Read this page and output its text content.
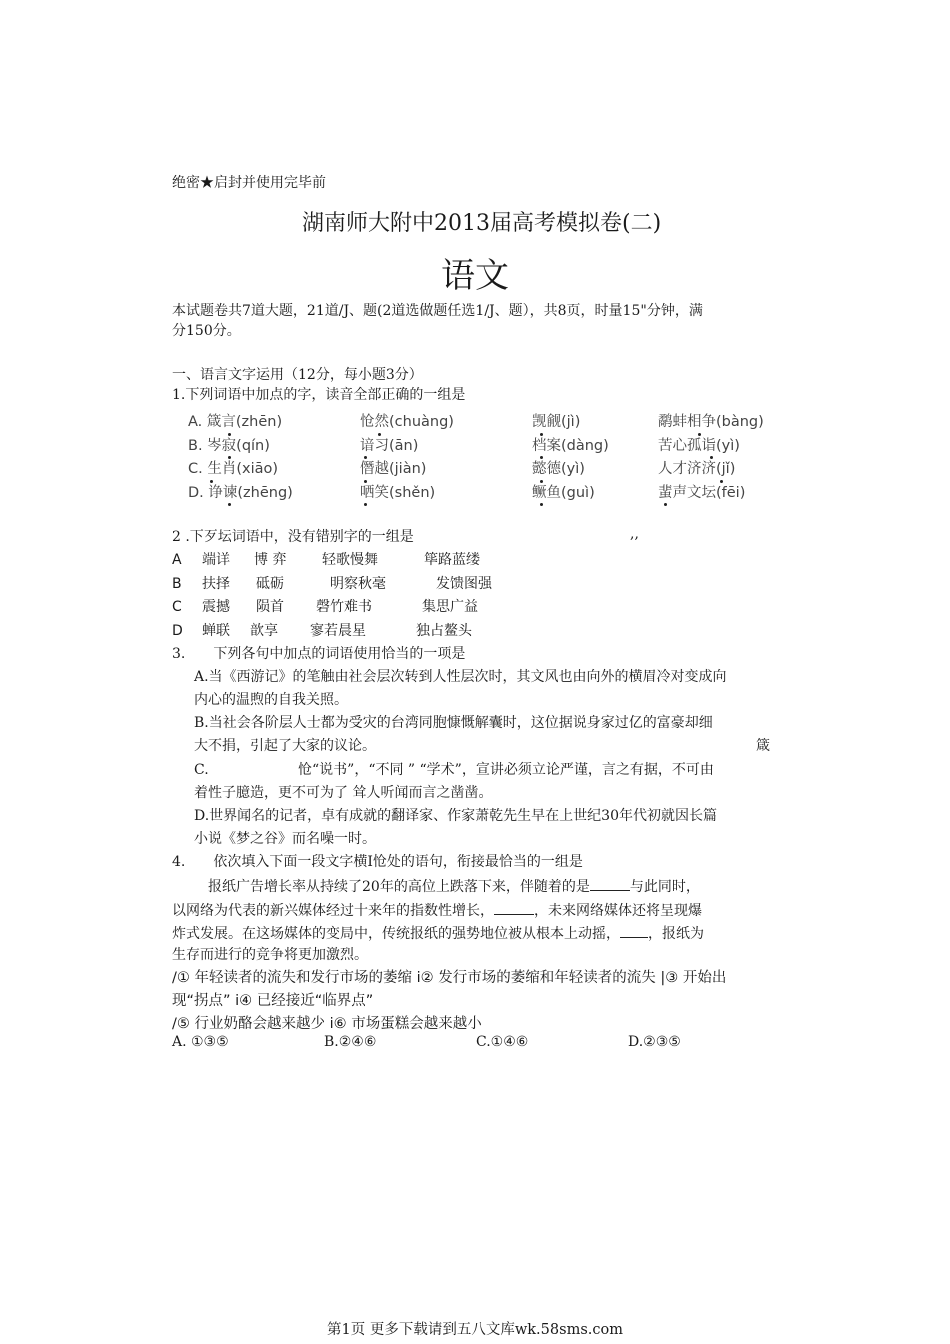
绝密★启封并使用完毕前
湖南师大附中2013届高考模拟卷(二)
语文
本试题卷共7道大题，21道/J、题(2道选做题任选1/J、题），共8页，时量15"分钟，满
分150分。
一、语言文字运用（12分，每小题3分）
1.下列词语中加点的字，读音全部正确的一组是
A. 箴言(zhēn)	怆然(chuàng)	觊觎(jì)	鹬蚌相争(bàng)
B. 岑寂(qín)	谙习(ān)	档案(dàng)	苦心孤诣(yì)
C. 生肖(xiāo)	僭越(jiàn)	懿德(yì)	人才济济(jǐ)
D. 诤谏(zhēng)	哂笑(shěn)	鳜鱼(guì)	蜚声文坛(fēi)
2 .下歹坛词语中，没有错别字的一组是	,,
A 端详 博 弈	轻歌慢舞	筚路蓝缕
B 扶择 砥砺	明察秋毫	发馈图强
C 震撼 陨首 磬竹难书	集思广益
D 蝉联 歆享 寥若晨星	独占鳌头
3.　　下列各句中加点的词语使用恰当的一项是
A.当《西游记》的笔触由社会层次转到人性层次时，其文风也由向外的横眉冷对变成向
内心的温煦的自我关照。
B.当社会各阶层人士都为受灾的台湾同胞慷慨解囊时，这位据说身家过亿的富豪却细
大不捐，引起了大家的议论。	箴
C.	怆“说书”，“不同 ” “学术”，宣讲必须立论严谨，言之有据，不可由
着性子臆造，更不可为了 耸人听闻而言之凿凿。
D.世界闻名的记者，卓有成就的翻译家、作家萧乾先生早在上世纪30年代初就因长篇
小说《梦之谷》而名噪一时。
4.　　依次填入下面一段文字横I怆处的语句，衔接最恰当的一组是
报纸广告增长率从持续了20年的高位上跌落下来，伴随着的是	与此同时，
以网络为代表的新兴媒体经过十来年的指数性增长，	，未来网络媒体还将呈现爆
炸式发展。在这场媒体的变局中，传统报纸的强势地位被从根本上动摇， ，报纸为
生存而进行的竞争将更加激烈。
/① 年轻读者的流失和发行市场的萎缩 i② 发行市场的萎缩和年轻读者的流失 |③ 开始出
现“拐点” i④ 已经接近“临界点”
/⑤ 行业奶酪会越来越少 i⑥ 市场蛋糕会越来越小
A. ①③⑤	B.②④⑥	C.①④⑥	D.②③⑤
第1页 更多下载请到五八文库wk.58sms.com
